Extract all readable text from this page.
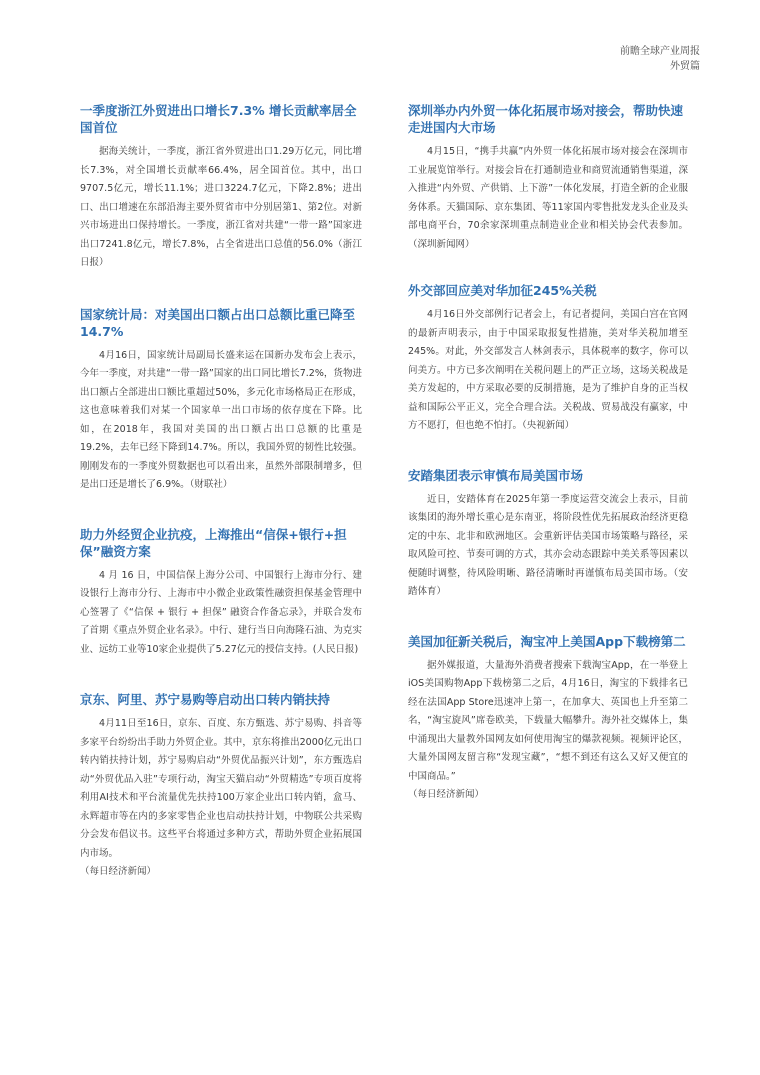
前瞻全球产业周报
外贸篇
一季度浙江外贸进出口增长7.3% 增长贡献率居全国首位

据海关统计，一季度，浙江省外贸进出口1.29万亿元，同比增长7.3%，对全国增长贡献率66.4%，居全国首位。其中，出口9707.5亿元，增长11.1%；进口3224.7亿元，下降2.8%；进出口、出口增速在东部沿海主要外贸省市中分别居第1、第2位。对新兴市场进出口保持增长。一季度，浙江省对共建“一带一路”国家进出口7241.8亿元，增长7.8%，占全省进出口总值的56.0%（浙江日报）

国家统计局：对美国出口额占出口总额比重已降至14.7%

4月16日，国家统计局副局长盛来运在国新办发布会上表示，今年一季度，对共建“一带一路”国家的出口同比增长7.2%，货物进出口额占全部进出口额比重超过50%，多元化市场格局正在形成，这也意味着我们对某一个国家单一出口市场的依存度在下降。比如，在2018年，我国对美国的出口额占出口总额的比重是19.2%，去年已经下降到14.7%。所以，我国外贸的韧性比较强。刚刚发布的一季度外贸数据也可以看出来，虽然外部限制增多，但是出口还是增长了6.9%。（财联社）

助力外经贸企业抗疫，上海推出“信保+银行+担保”融资方案

4 月 16 日，中国信保上海分公司、中国银行上海市分行、建设银行上海市分行、上海市中小微企业政策性融资担保基金管理中心签署了《“信保 + 银行 + 担保” 融资合作备忘录》，并联合发布了首期《重点外贸企业名录》。中行、建行当日向海隆石油、为克实业、远纺工业等10家企业提供了5.27亿元的授信支持。(人民日报)

京东、阿里、苏宁易购等启动出口转内销扶持

4月11日至16日，京东、百度、东方甄选、苏宁易购、抖音等多家平台纷纷出手助力外贸企业。其中，京东将推出2000亿元出口转内销扶持计划，苏宁易购启动“外贸优品振兴计划”，东方甄选启动“外贸优品入驻”专项行动，淘宝天猫启动“外贸精选”专项百度将利用AI技术和平台流量优先扶持100万家企业出口转内销，盒马、永辉超市等在内的多家零售企业也启动扶持计划，中物联公共采购分会发布倡议书。这些平台将通过多种方式，帮助外贸企业拓展国内市场。
（每日经济新闻）

深圳举办内外贸一体化拓展市场对接会，帮助快速走进国内大市场

4月15日，“携手共赢”内外贸一体化拓展市场对接会在深圳市工业展览馆举行。对接会旨在打通制造业和商贸流通销售渠道，深入推进“内外贸、产供销、上下游”一体化发展，打造全新的企业服务体系。天猫国际、京东集团、等11家国内零售批发龙头企业及头部电商平台，70余家深圳重点制造业企业和相关协会代表参加。（深圳新闻网）

外交部回应美对华加征245%关税

4月16日外交部例行记者会上，有记者提问，美国白宫在官网的最新声明表示，由于中国采取报复性措施，美对华关税加增至245%。对此，外交部发言人林剑表示，具体税率的数字，你可以问美方。中方已多次阐明在关税问题上的严正立场，这场关税战是美方发起的，中方采取必要的反制措施，是为了维护自身的正当权益和国际公平正义，完全合理合法。关税战、贸易战没有赢家，中方不愿打，但也绝不怕打。（央视新闻）

安踏集团表示审慎布局美国市场

近日，安踏体育在2025年第一季度运营交流会上表示，目前该集团的海外增长重心是东南亚，将阶段性优先拓展政治经济更稳定的中东、北非和欧洲地区。会重新评估美国市场策略与路径，采取风险可控、节奏可调的方式，其亦会动态跟踪中美关系等因素以便随时调整，待风险明晰、路径清晰时再谨慎布局美国市场。（安踏体育）

美国加征新关税后，淘宝冲上美国App下载榜第二

据外媒报道，大量海外消费者搜索下载淘宝App，在一举登上iOS美国购物App下载榜第二之后，4月16日，淘宝的下载排名已经在法国App Store迅速冲上第一，在加拿大、英国也上升至第二名，“淘宝旋风”席卷欧美，下载量大幅攀升。海外社交媒体上，集中涌现出大量教外国网友如何使用淘宝的爆款视频。视频评论区，大量外国网友留言称“发现宝藏”，“想不到还有这么又好又便宜的中国商品。”
（每日经济新闻）
